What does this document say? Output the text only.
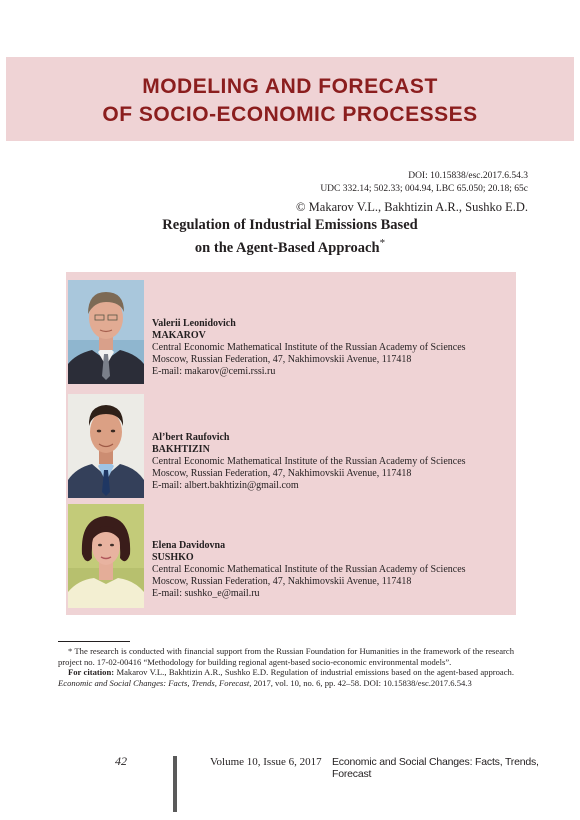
MODELING AND FORECAST
OF SOCIO-ECONOMIC PROCESSES
DOI: 10.15838/esc.2017.6.54.3
UDC 332.14; 502.33; 004.94, LBC 65.050; 20.18; 65c
© Makarov V.L., Bakhtizin A.R., Sushko E.D.
Regulation of Industrial Emissions Based
on the Agent-Based Approach*
Valerii Leonidovich
MAKAROV
Central Economic Mathematical Institute of the Russian Academy of Sciences
Moscow, Russian Federation, 47, Nakhimovskii Avenue, 117418
E-mail: makarov@cemi.rssi.ru
Al’bert Raufovich
BAKHTIZIN
Central Economic Mathematical Institute of the Russian Academy of Sciences
Moscow, Russian Federation, 47, Nakhimovskii Avenue, 117418
E-mail: albert.bakhtizin@gmail.com
Elena Davidovna
SUSHKO
Central Economic Mathematical Institute of the Russian Academy of Sciences
Moscow, Russian Federation, 47, Nakhimovskii Avenue, 117418
E-mail: sushko_e@mail.ru

* The research is conducted with financial support from the Russian Foundation for Humanities in the framework of the research project no. 17-02-00416 “Methodology for building regional agent-based socio-economic environmental models”.

For citation: Makarov V.L., Bakhtizin A.R., Sushko E.D. Regulation of industrial emissions based on the agent-based approach. Economic and Social Changes: Facts, Trends, Forecast, 2017, vol. 10, no. 6, pp. 42–58. DOI: 10.15838/esc.2017.6.54.3

42	Volume 10, Issue 6, 2017 Economic and Social Changes: Facts, Trends, Forecast
